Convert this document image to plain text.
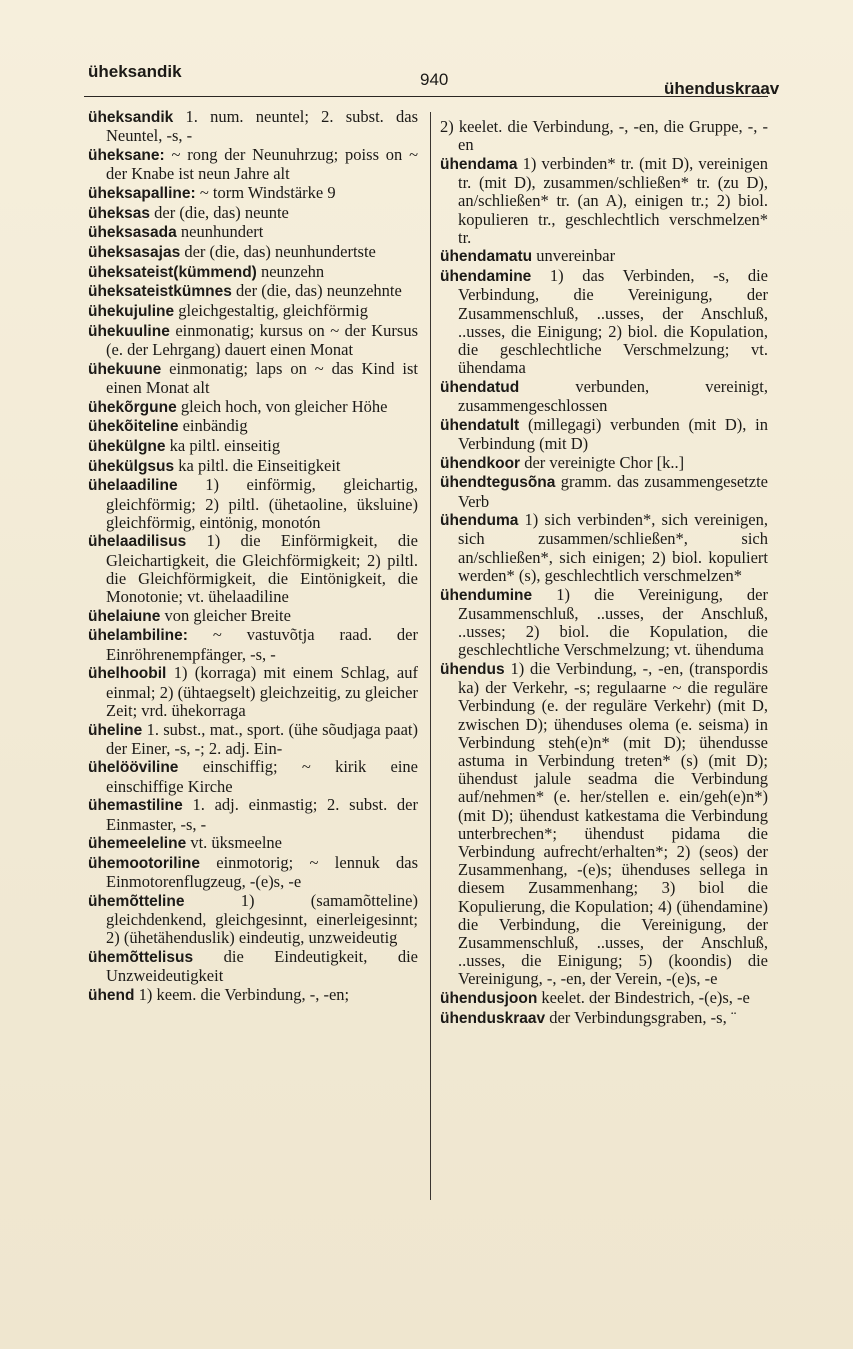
üheksandik	940	ühenduskraav
üheksandik 1. num. neuntel; 2. subst. das Neuntel, -s, -
üheksane: ~ rong der Neunuhrzug; poiss on ~ der Knabe ist neun Jahre alt
üheksapalline: ~ torm Windstärke 9
üheksas der (die, das) neunte
üheksasada neunhundert
üheksasajas der (die, das) neunhundertste
üheksateist(kümmend) neunzehn
üheksateistkümnes der (die, das) neunzehnte
ühekujuline gleichgestaltig, gleichförmig
ühekuuline einmonatig; kursus on ~ der Kursus (e. der Lehrgang) dauert einen Monat
ühekuune einmonatig; laps on ~ das Kind ist einen Monat alt
ühekõrgune gleich hoch, von gleicher Höhe
ühekõiteline einbändig
ühekülgne ka piltl. einseitig
ühekülgsus ka piltl. die Einseitigkeit
ühelaadiline 1) einförmig, gleichartig, gleichförmig; 2) piltl. (ühetaoline, üksluine) gleichförmig, eintönig, monotón
ühelaadilisus 1) die Einförmigkeit, die Gleichartigkeit, die Gleichförmigkeit; 2) piltl. die Gleichförmigkeit, die Eintönigkeit, die Monotonie; vt. ühelaadiline
ühelaiune von gleicher Breite
ühelambiline: ~ vastuvõtja raad. der Einröhrenempfänger, -s, -
ühelhoobil 1) (korraga) mit einem Schlag, auf einmal; 2) (ühtaegselt) gleichzeitig, zu gleicher Zeit; vrd. ühekorraga
üheline 1. subst., mat., sport. (ühe sõudjaga paat) der Einer, -s, -; 2. adj. Ein-
ühelööviline einschiffig; ~ kirik eine einschiffige Kirche
ühemastiline 1. adj. einmastig; 2. subst. der Einmaster, -s, -
ühemeeleline vt. üksmeelne
ühemootoriline einmotorig; ~ lennuk das Einmotorenflugzeug, -(e)s, -e
ühemõtteline	1) (samamõtteline) gleichdenkend, gleichgesinnt, einerleigesinnt; 2) (ühetähenduslik) eindeutig, unzweideutig
ühemõttelisus die Eindeutigkeit, die Unzweideutigkeit
ühend 1) keem. die Verbindung, -, -en;
2) keelet. die Verbindung, -, -en, die Gruppe, -, -en
ühendama 1) verbinden* tr. (mit D), vereinigen tr. (mit D), zusammen/schließen* tr. (zu D), an/schließen* tr. (an A), einigen tr.; 2) biol. kopulieren tr., geschlechtlich verschmelzen* tr.
ühendamatu unvereinbar
ühendamine 1) das Verbinden, -s, die Verbindung, die Vereinigung, der Zusammenschluß, ..usses, der Anschluß, ..usses, die Einigung; 2) biol. die Kopulation, die geschlechtliche Verschmelzung; vt. ühendama
ühendatud	verbunden, vereinigt, zusammengeschlossen
ühendatult (millegagi) verbunden (mit D), in Verbindung (mit D)
ühendkoor der vereinigte Chor [k..]
ühendtegusõna gramm. das zusammengesetzte Verb
ühenduma 1) sich verbinden*, sich vereinigen, sich zusammen/schließen*, sich an/schließen*, sich einigen; 2) biol. kopuliert werden* (s), geschlechtlich verschmelzen*
ühendumine 1) die Vereinigung, der Zusammenschluß, ..usses, der Anschluß, ..usses; 2) biol. die Kopulation, die geschlechtliche Verschmelzung; vt. ühenduma
ühendus 1) die Verbindung, -, -en, (transpordis ka) der Verkehr, -s; regulaarne ~ die reguläre Verbindung (e. der reguläre Verkehr) (mit D, zwischen D); ühenduses olema (e. seisma) in Verbindung steh(e)n* (mit D); ühendusse astuma in Verbindung treten* (s) (mit D); ühendust jalule seadma die Verbindung auf/nehmen* (e. her/stellen e. ein/geh(e)n*) (mit D); ühendust katkestama die Verbindung unterbrechen*; ühendust pidama die Verbindung aufrecht/erhalten*; 2) (seos) der Zusammenhang, -(e)s; ühenduses sellega in diesem Zusammenhang; 3) biol die Kopulierung, die Kopulation; 4) (ühendamine) die Verbindung, die Vereinigung, der Zusammenschluß, ..usses, der Anschluß, ..usses, die Einigung; 5) (koondis) die Vereinigung, -, -en, der Verein, -(e)s, -e
ühendusjoon keelet. der Bindestrich, -(e)s, -e
ühenduskraav der Verbindungsgraben, -s, ¨
